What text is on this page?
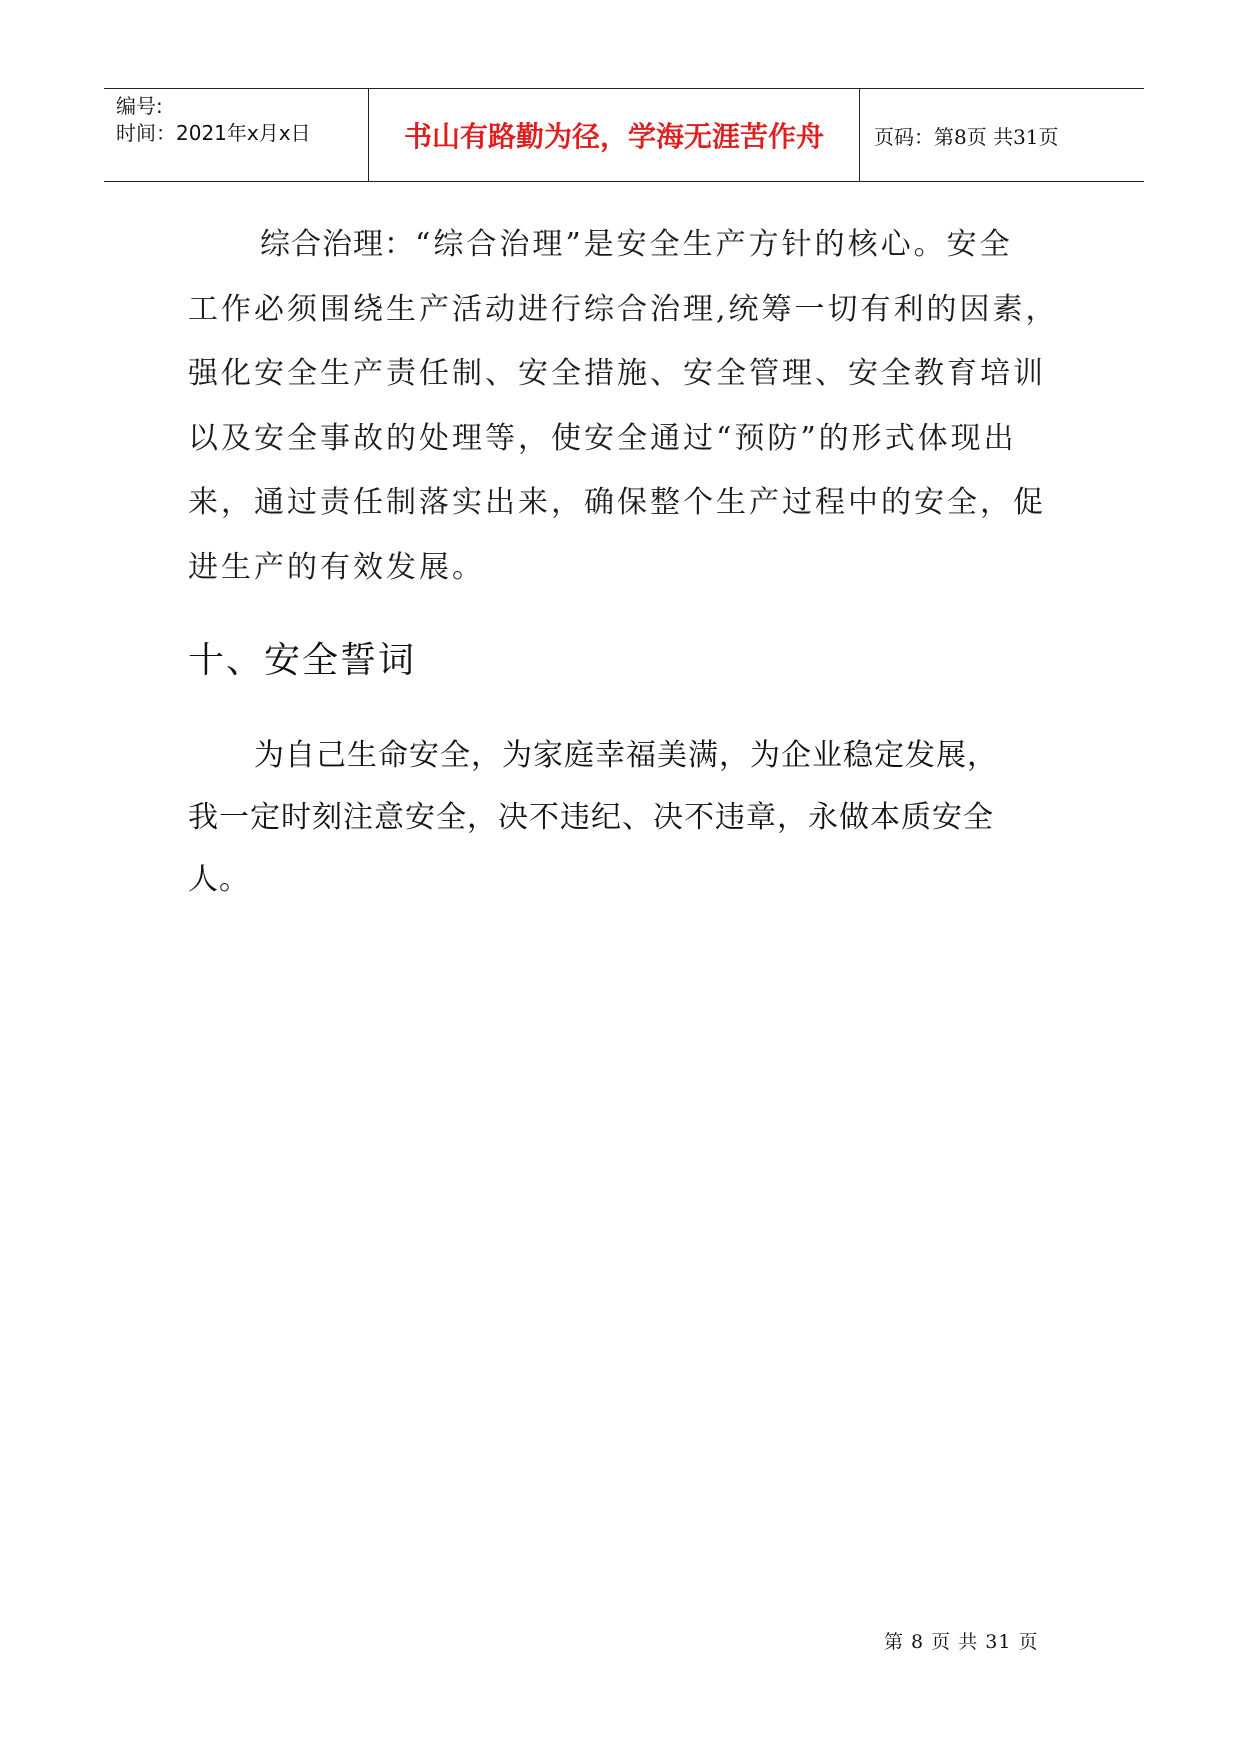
编号:
时间：2021年x月x日	书山有路勤为径，学海无涯苦作舟	页码：第8页 共31页
综合治理：“综合治理”是安全生产方针的核心。安全
工作必须围绕生产活动进行综合治理,统筹一切有利的因素，
强化安全生产责任制、安全措施、安全管理、安全教育培训
以及安全事故的处理等，使安全通过“预防”的形式体现出
来，通过责任制落实出来，确保整个生产过程中的安全，促
进生产的有效发展。
十、安全誓词
为自己生命安全，为家庭幸福美满，为企业稳定发展，
我一定时刻注意安全，决不违纪、决不违章，永做本质安全
人。
第 8 页 共 31 页
